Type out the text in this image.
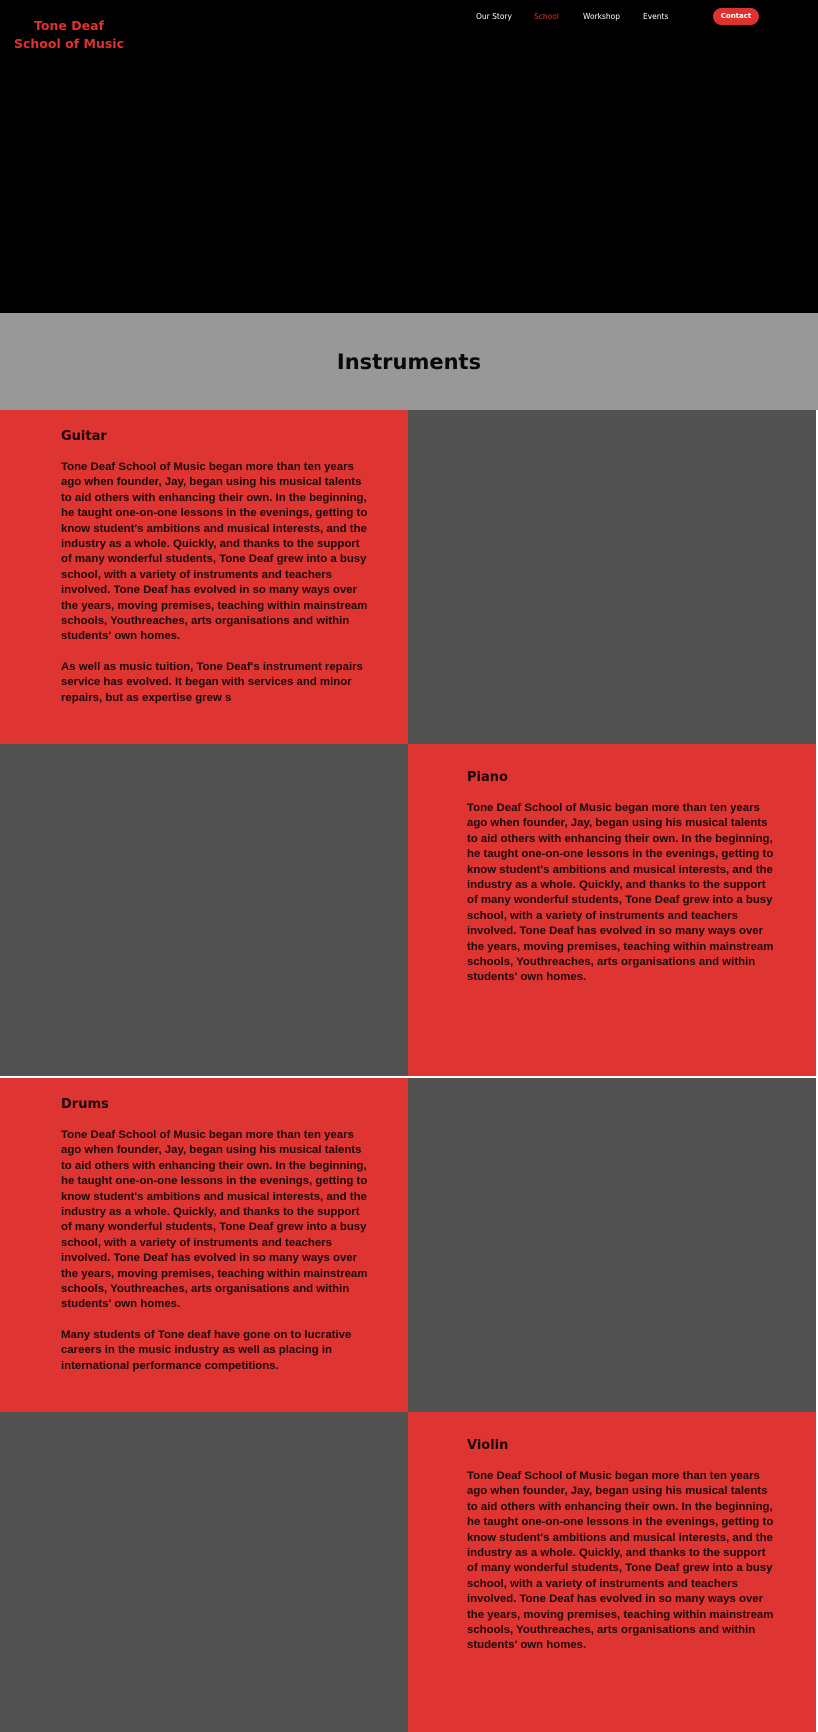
Tone Deaf
School of Music
Our Story	School	Workshop	Events	Contact
Instruments
Guitar

Tone Deaf School of Music began more than ten years ago when founder, Jay, began using his musical talents to aid others with enhancing their own. In the beginning, he taught one-on-one lessons in the evenings, getting to know student's ambitions and musical interests, and the industry as a whole. Quickly, and thanks to the support of many wonderful students, Tone Deaf grew into a busy school, with a variety of instruments and teachers involved. Tone Deaf has evolved in so many ways over the years, moving premises, teaching within mainstream schools, Youthreaches, arts organisations and within students' own homes.

As well as music tuition, Tone Deaf's instrument repairs service has evolved. It began with services and minor repairs, but as expertise grew s

Piano

Tone Deaf School of Music began more than ten years ago when founder, Jay, began using his musical talents to aid others with enhancing their own. In the beginning, he taught one-on-one lessons in the evenings, getting to know student's ambitions and musical interests, and the industry as a whole. Quickly, and thanks to the support of many wonderful students, Tone Deaf grew into a busy school, with a variety of instruments and teachers involved. Tone Deaf has evolved in so many ways over the years, moving premises, teaching within mainstream schools, Youthreaches, arts organisations and within students' own homes.

Drums

Tone Deaf School of Music began more than ten years ago when founder, Jay, began using his musical talents to aid others with enhancing their own. In the beginning, he taught one-on-one lessons in the evenings, getting to know student's ambitions and musical interests, and the industry as a whole. Quickly, and thanks to the support of many wonderful students, Tone Deaf grew into a busy school, with a variety of instruments and teachers involved. Tone Deaf has evolved in so many ways over the years, moving premises, teaching within mainstream schools, Youthreaches, arts organisations and within students' own homes.

Many students of Tone deaf have gone on to lucrative careers in the music industry as well as placing in international performance competitions.

Violin

Tone Deaf School of Music began more than ten years ago when founder, Jay, began using his musical talents to aid others with enhancing their own. In the beginning, he taught one-on-one lessons in the evenings, getting to know student's ambitions and musical interests, and the industry as a whole. Quickly, and thanks to the support of many wonderful students, Tone Deaf grew into a busy school, with a variety of instruments and teachers involved. Tone Deaf has evolved in so many ways over the years, moving premises, teaching within mainstream schools, Youthreaches, arts organisations and within students' own homes.
